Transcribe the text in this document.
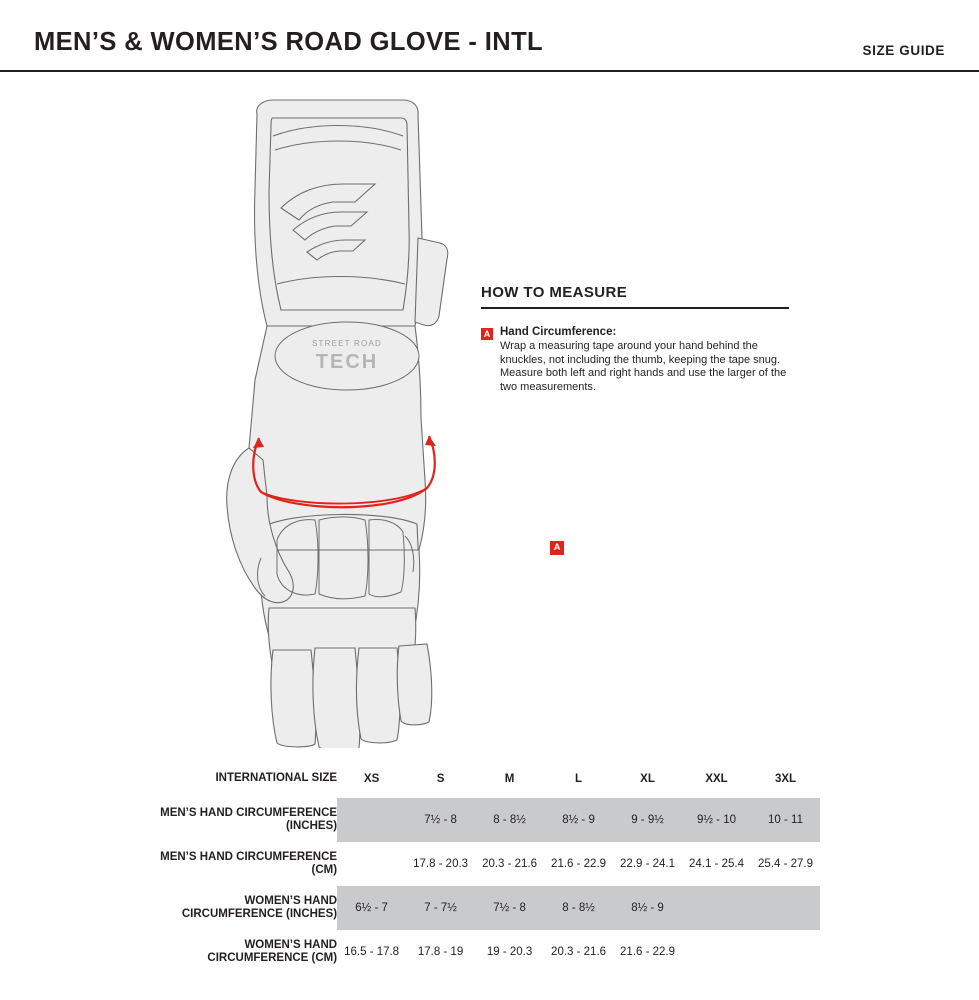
MEN’S & WOMEN’S ROAD GLOVE - INTL	SIZE GUIDE
STREET ROAD
TECH
A
HOW TO MEASURE
A Hand Circumference:
Wrap a measuring tape around your hand behind the knuckles, not including the thumb, keeping the tape snug. Measure both left and right hands and use the larger of the two measurements.
INTERNATIONAL SIZE	XS	S	M	L	XL	XXL	3XL
MEN’S HAND CIRCUMFERENCE (INCHES)		7½ - 8	8 - 8½	8½ - 9	9 - 9½	9½ - 10	10 - 11
MEN’S HAND CIRCUMFERENCE (CM)		17.8 - 20.3	20.3 - 21.6	21.6 - 22.9	22.9 - 24.1	24.1 - 25.4	25.4 - 27.9
WOMEN’S HAND CIRCUMFERENCE (INCHES)	6½ - 7	7 - 7½	7½ - 8	8 - 8½	8½ - 9		
WOMEN’S HAND CIRCUMFERENCE (CM)	16.5 - 17.8	17.8 - 19	19 - 20.3	20.3 - 21.6	21.6 - 22.9		
